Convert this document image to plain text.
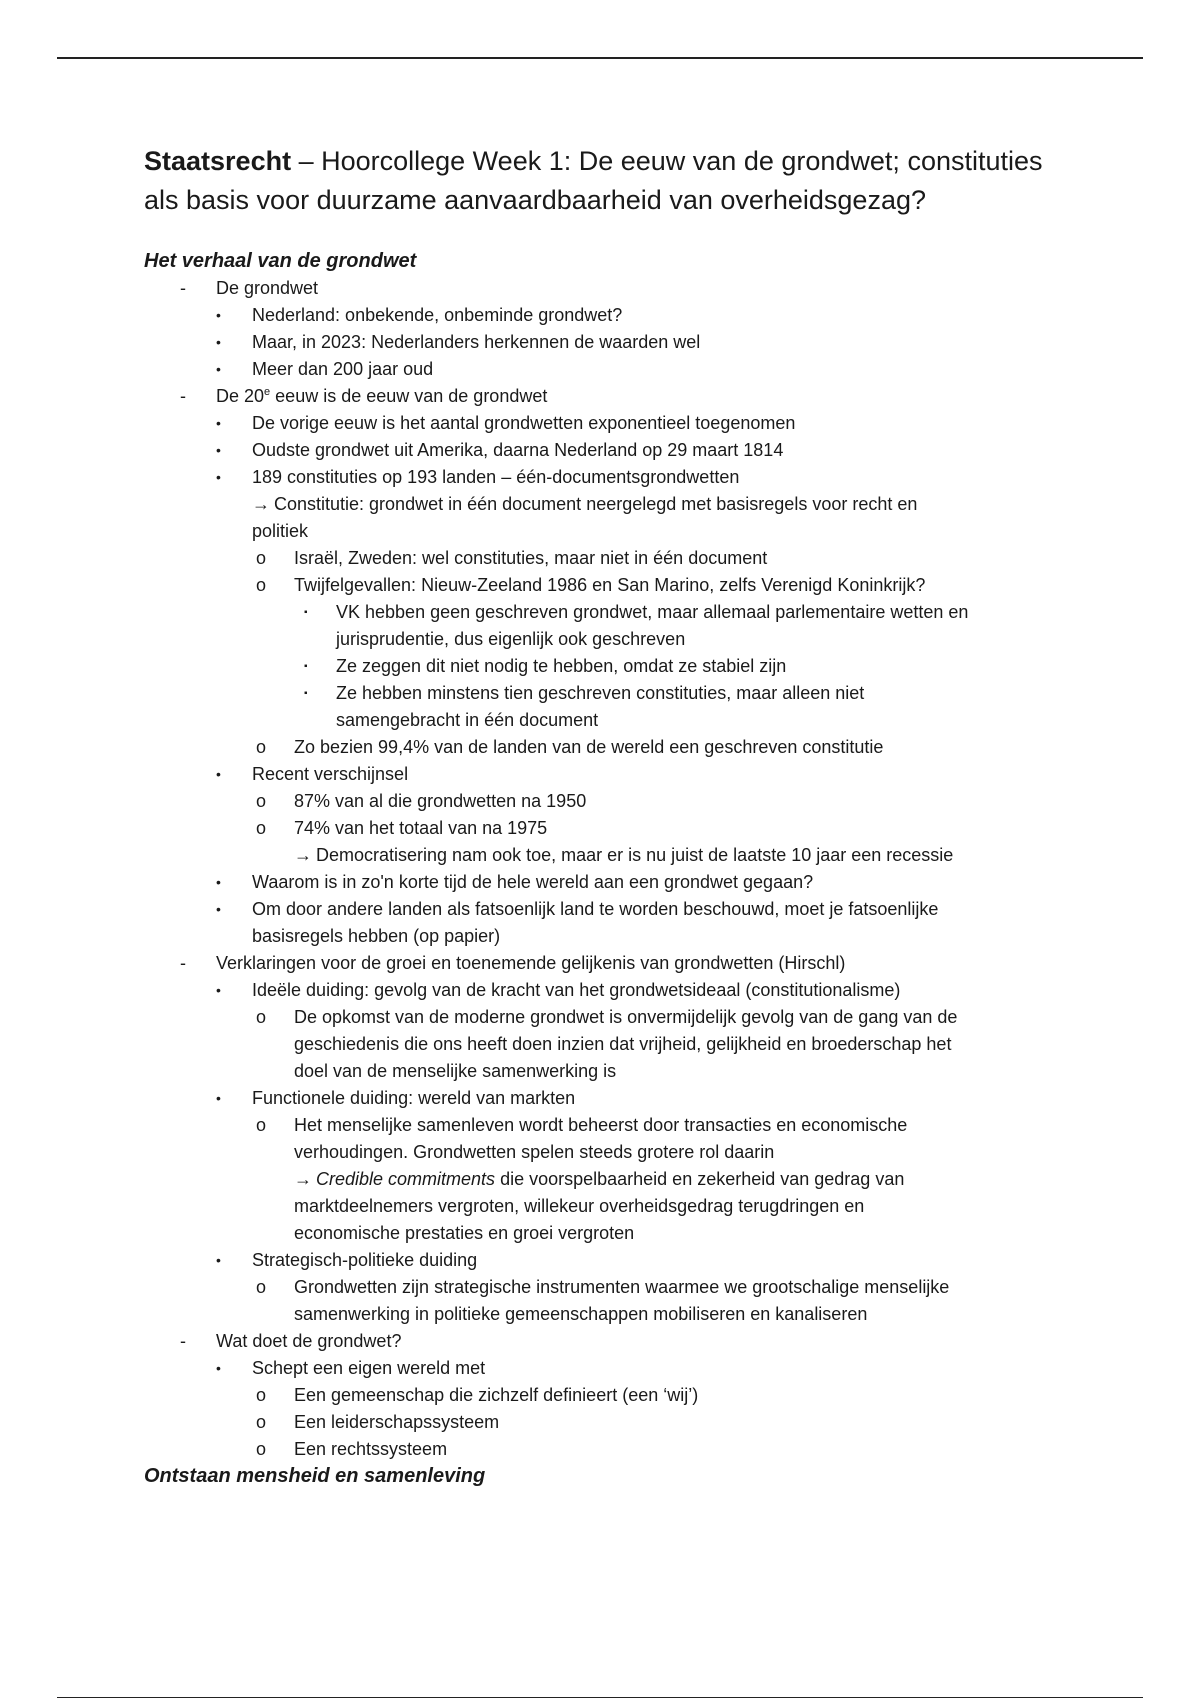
Staatsrecht – Hoorcollege Week 1: De eeuw van de grondwet; constituties als basis voor duurzame aanvaardbaarheid van overheidsgezag?
Het verhaal van de grondwet
- De grondwet
• Nederland: onbekende, onbeminde grondwet?
• Maar, in 2023: Nederlanders herkennen de waarden wel
• Meer dan 200 jaar oud
- De 20e eeuw is de eeuw van de grondwet
• De vorige eeuw is het aantal grondwetten exponentieel toegenomen
• Oudste grondwet uit Amerika, daarna Nederland op 29 maart 1814
• 189 constituties op 193 landen – één-documentsgrondwetten
→ Constitutie: grondwet in één document neergelegd met basisregels voor recht en
politiek
o Israël, Zweden: wel constituties, maar niet in één document
o Twijfelgevallen: Nieuw-Zeeland 1986 en San Marino, zelfs Verenigd Koninkrijk?
▪ VK hebben geen geschreven grondwet, maar allemaal parlementaire wetten en
jurisprudentie, dus eigenlijk ook geschreven
▪ Ze zeggen dit niet nodig te hebben, omdat ze stabiel zijn
▪ Ze hebben minstens tien geschreven constituties, maar alleen niet
samengebracht in één document
o Zo bezien 99,4% van de landen van de wereld een geschreven constitutie
• Recent verschijnsel
o 87% van al die grondwetten na 1950
o 74% van het totaal van na 1975
→ Democratisering nam ook toe, maar er is nu juist de laatste 10 jaar een recessie
• Waarom is in zo'n korte tijd de hele wereld aan een grondwet gegaan?
• Om door andere landen als fatsoenlijk land te worden beschouwd, moet je fatsoenlijke
basisregels hebben (op papier)
- Verklaringen voor de groei en toenemende gelijkenis van grondwetten (Hirschl)
• Ideële duiding: gevolg van de kracht van het grondwetsideaal (constitutionalisme)
o De opkomst van de moderne grondwet is onvermijdelijk gevolg van de gang van de
geschiedenis die ons heeft doen inzien dat vrijheid, gelijkheid en broederschap het
doel van de menselijke samenwerking is
• Functionele duiding: wereld van markten
o Het menselijke samenleven wordt beheerst door transacties en economische
verhoudingen. Grondwetten spelen steeds grotere rol daarin
→ Credible commitments die voorspelbaarheid en zekerheid van gedrag van
marktdeelnemers vergroten, willekeur overheidsgedrag terugdringen en
economische prestaties en groei vergroten
• Strategisch-politieke duiding
o Grondwetten zijn strategische instrumenten waarmee we grootschalige menselijke
samenwerking in politieke gemeenschappen mobiliseren en kanaliseren
- Wat doet de grondwet?
• Schept een eigen wereld met
o Een gemeenschap die zichzelf definieert (een ‘wij’)
o Een leiderschapssysteem
o Een rechtssysteem
Ontstaan mensheid en samenleving
